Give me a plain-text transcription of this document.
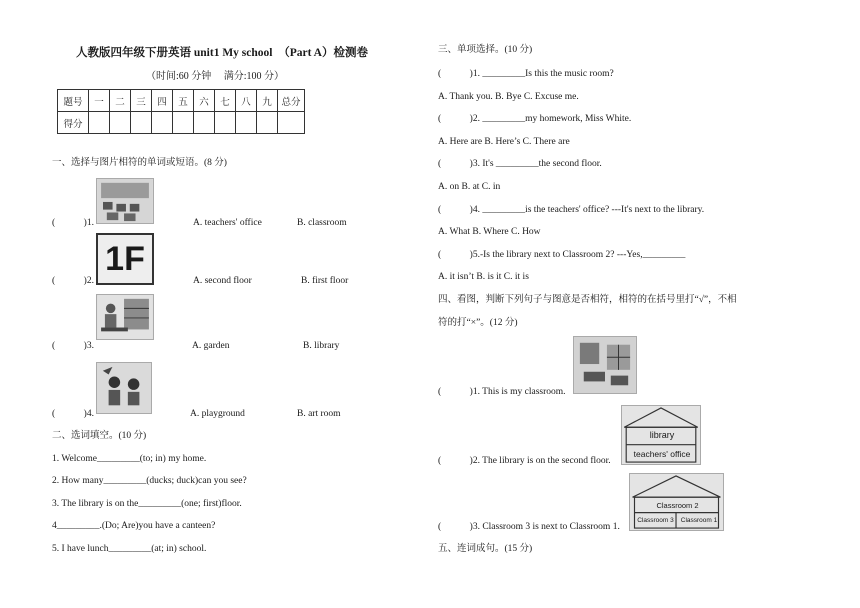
人教版四年级下册英语 unit1 My school　（Part A）检测卷
（时间:60 分钟　 满分:100 分）
题号	一	二	三	四	五	六	七	八	九	总分
得分										
一、选择与图片相符的单词或短语。(8 分)
1F
(　　　)1.	A. teachers' office	B. classroom
(　　　)2.	A. second floor	B. first floor
(　　　)3.	A. garden	B. library
(　　　)4.	A. playground	B. art room
二、选词填空。(10 分)
1. Welcome_________(to; in) my home.
2. How many_________(ducks; duck)can you see?
3. The library is on the_________(one; first)floor.
4_________.(Do; Are)you have a canteen?
5. I have lunch_________(at; in) school.
三、单项选择。(10 分)
(　　　)1. _________Is this the music room?
A. Thank you. B. Bye C. Excuse me.
(　　　)2. _________my homework, Miss White.
A. Here are B. Here’s C. There are
(　　　)3. It's _________the second floor.
A. on B. at C. in
(　　　)4. _________is the teachers' office? ---It's next to the library.
A. What B. Where C. How
(　　　)5.-Is the library next to Classroom 2? ---Yes,_________
A. it isn’t B. is it C. it is
四、看图，判断下列句子与图意是否相符，相符的在括号里打“√”，不相
符的打“×”。(12 分)
library
teachers' office
Classroom 2
Classroom 3	Classroom 1
(　　　)1. This is my classroom.
(　　　)2. The library is on the second floor.
(　　　)3. Classroom 3 is next to Classroom 1.
五、连词成句。(15 分)
